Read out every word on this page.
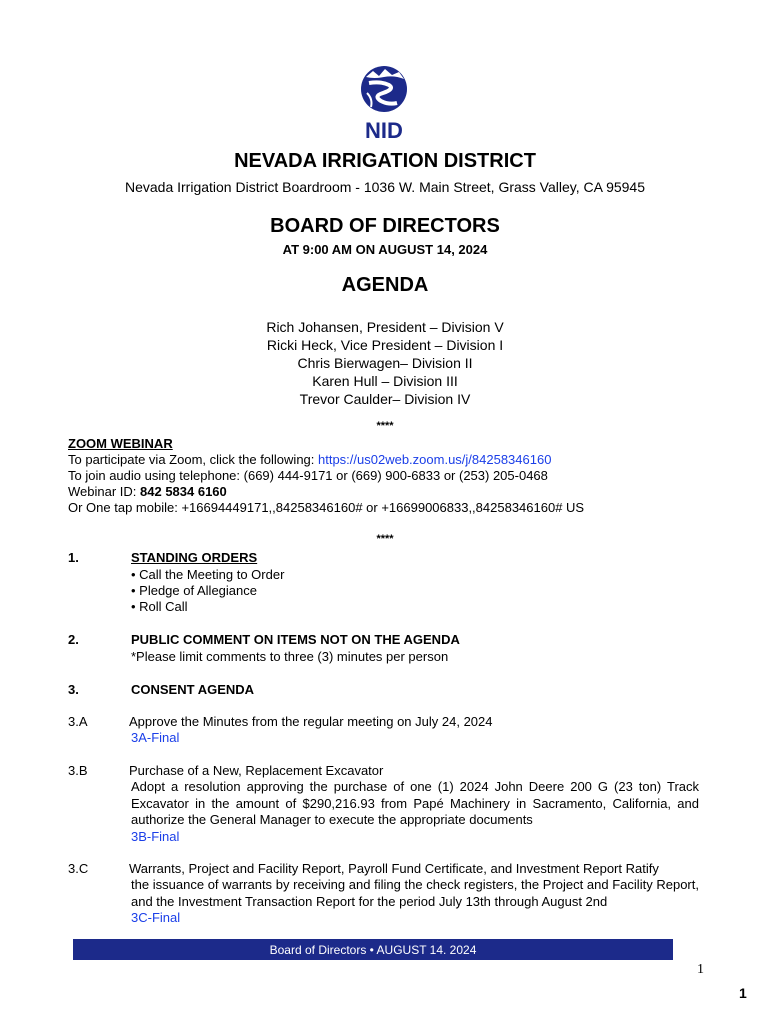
NID
NEVADA IRRIGATION DISTRICT
Nevada Irrigation District Boardroom - 1036 W. Main Street, Grass Valley, CA 95945
BOARD OF DIRECTORS
AT 9:00 AM ON AUGUST 14, 2024
AGENDA
Rich Johansen, President – Division V
Ricki Heck, Vice President – Division I
Chris Bierwagen– Division II
Karen Hull – Division III
Trevor Caulder– Division IV
****
ZOOM WEBINAR
To participate via Zoom, click the following: https://us02web.zoom.us/j/84258346160
To join audio using telephone: (669) 444-9171 or (669) 900-6833 or (253) 205-0468
Webinar ID: 842 5834 6160
Or One tap mobile: +16694449171,,84258346160# or +16699006833,,84258346160# US
****
1.	STANDING ORDERS
• Call the Meeting to Order
• Pledge of Allegiance
• Roll Call
2.	PUBLIC COMMENT ON ITEMS NOT ON THE AGENDA
*Please limit comments to three (3) minutes per person
3.	CONSENT AGENDA
3.A	Approve the Minutes from the regular meeting on July 24, 2024
3A-Final
3.B	Purchase of a New, Replacement Excavator
Adopt a resolution approving the purchase of one (1) 2024 John Deere 200 G (23 ton) Track Excavator in the amount of $290,216.93 from Papé Machinery in Sacramento, California, and authorize the General Manager to execute the appropriate documents
3B-Final
3.C	Warrants, Project and Facility Report, Payroll Fund Certificate, and Investment Report Ratify
the issuance of warrants by receiving and filing the check registers, the Project and Facility Report, and the Investment Transaction Report for the period July 13th through August 2nd
3C-Final
Board of Directors • AUGUST 14. 2024
1
1
